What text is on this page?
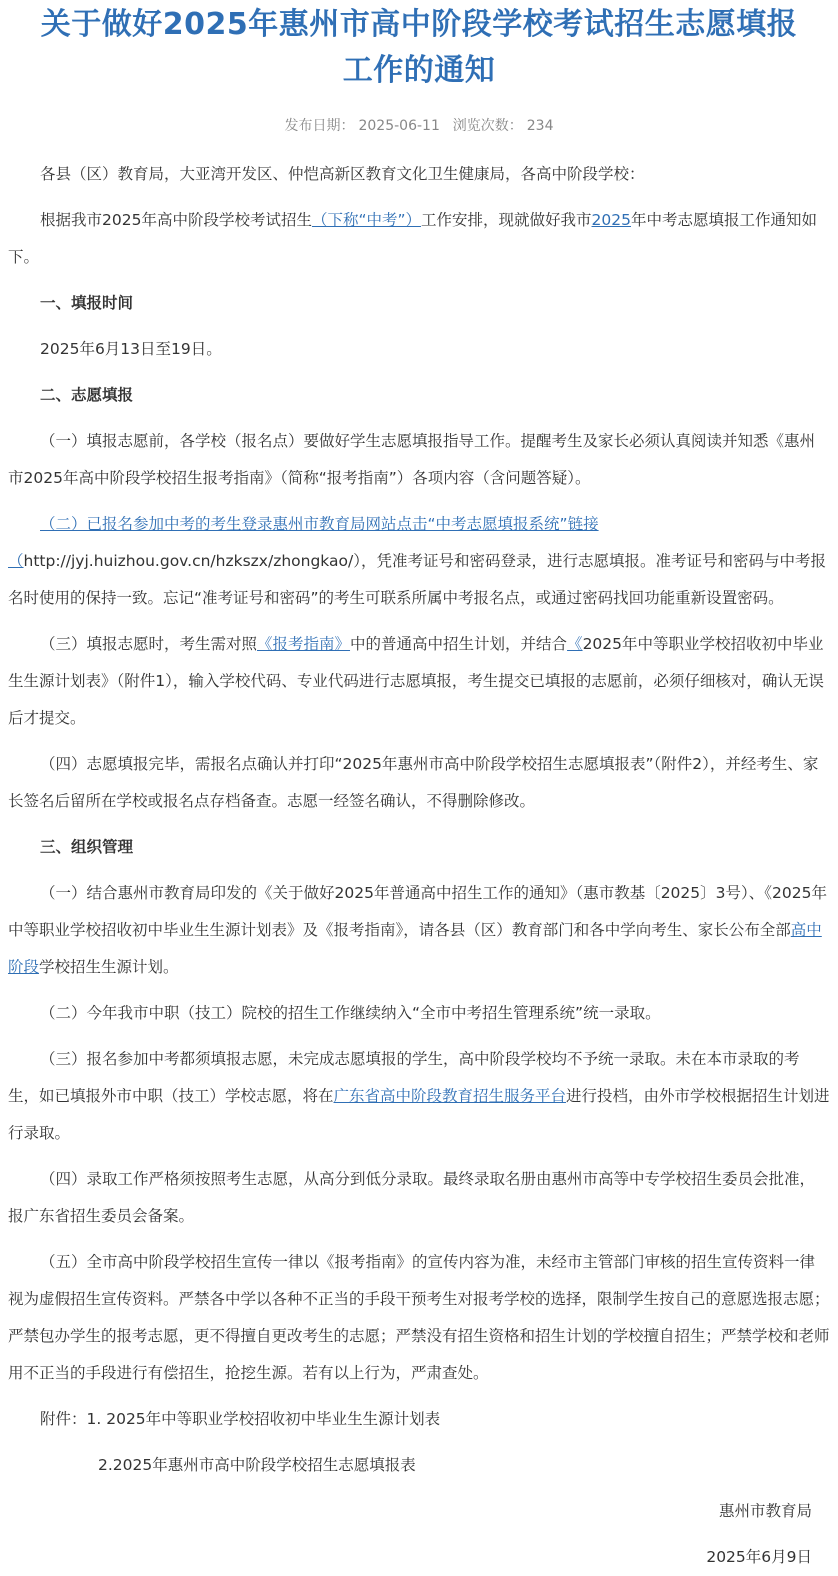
关于做好2025年惠州市高中阶段学校考试招生志愿填报
工作的通知
发布日期： 2025-06-11 浏览次数： 234

各县（区）教育局，大亚湾开发区、仲恺高新区教育文化卫生健康局，各高中阶段学校：

根据我市2025年高中阶段学校考试招生（下称“中考”）工作安排，现就做好我市2025年中考志愿填报工作通知如下。

一、填报时间

2025年6月13日至19日。

二、志愿填报

（一）填报志愿前，各学校（报名点）要做好学生志愿填报指导工作。提醒考生及家长必须认真阅读并知悉《惠州市2025年高中阶段学校招生报考指南》（简称“报考指南”）各项内容（含问题答疑）。

（二）已报名参加中考的考生登录惠州市教育局网站点击“中考志愿填报系统”链接（http://jyj.huizhou.gov.cn/hzkszx/zhongkao/），凭准考证号和密码登录，进行志愿填报。准考证号和密码与中考报名时使用的保持一致。忘记“准考证号和密码”的考生可联系所属中考报名点，或通过密码找回功能重新设置密码。

（三）填报志愿时，考生需对照《报考指南》中的普通高中招生计划，并结合《2025年中等职业学校招收初中毕业生生源计划表》（附件1），输入学校代码、专业代码进行志愿填报，考生提交已填报的志愿前，必须仔细核对，确认无误后才提交。

（四）志愿填报完毕，需报名点确认并打印“2025年惠州市高中阶段学校招生志愿填报表”（附件2），并经考生、家长签名后留所在学校或报名点存档备查。志愿一经签名确认，不得删除修改。

三、组织管理

（一）结合惠州市教育局印发的《关于做好2025年普通高中招生工作的通知》（惠市教基〔2025〕3号）、《2025年中等职业学校招收初中毕业生生源计划表》及《报考指南》，请各县（区）教育部门和各中学向考生、家长公布全部高中阶段学校招生生源计划。

（二）今年我市中职（技工）院校的招生工作继续纳入“全市中考招生管理系统”统一录取。

（三）报名参加中考都须填报志愿，未完成志愿填报的学生，高中阶段学校均不予统一录取。未在本市录取的考生，如已填报外市中职（技工）学校志愿，将在广东省高中阶段教育招生服务平台进行投档，由外市学校根据招生计划进行录取。

（四）录取工作严格须按照考生志愿，从高分到低分录取。最终录取名册由惠州市高等中专学校招生委员会批准，报广东省招生委员会备案。

（五）全市高中阶段学校招生宣传一律以《报考指南》的宣传内容为准，未经市主管部门审核的招生宣传资料一律视为虚假招生宣传资料。严禁各中学以各种不正当的手段干预考生对报考学校的选择，限制学生按自己的意愿选报志愿；严禁包办学生的报考志愿，更不得擅自更改考生的志愿；严禁没有招生资格和招生计划的学校擅自招生；严禁学校和老师用不正当的手段进行有偿招生，抢挖生源。若有以上行为，严肃查处。

附件：1. 2025年中等职业学校招收初中毕业生生源计划表

2.2025年惠州市高中阶段学校招生志愿填报表

惠州市教育局

2025年6月9日
